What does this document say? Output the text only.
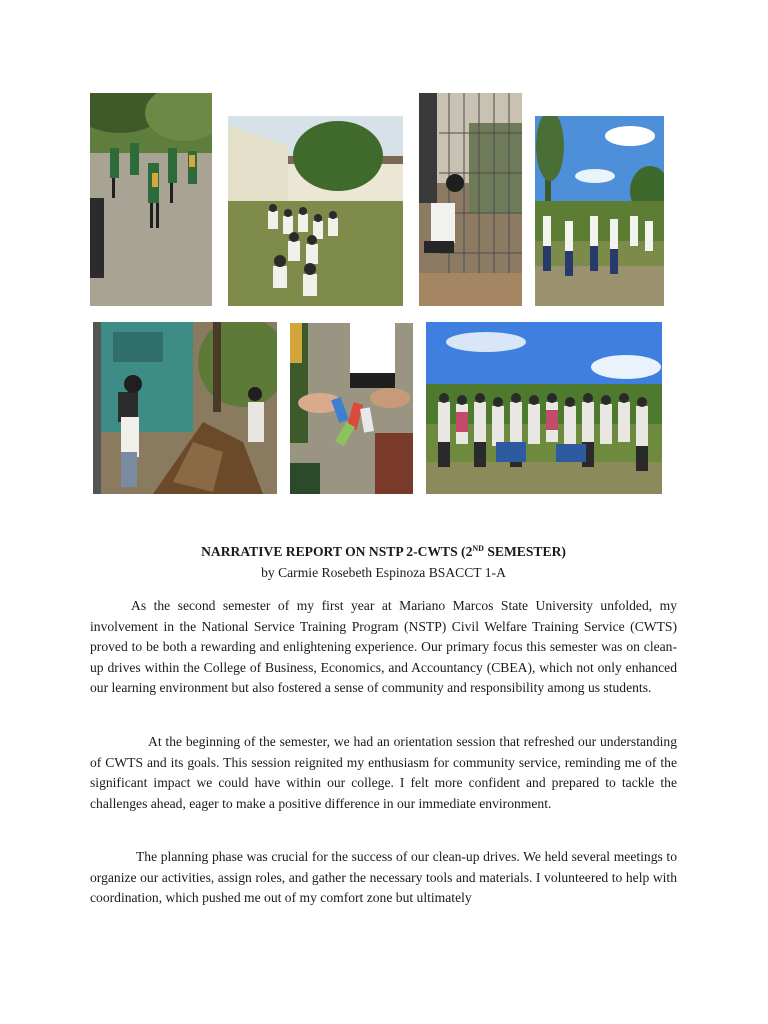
NARRATIVE REPORT ON NSTP 2-CWTS (2ND SEMESTER)
by Carmie Rosebeth Espinoza BSACCT 1-A

As the second semester of my first year at Mariano Marcos State University unfolded, my involvement in the National Service Training Program (NSTP) Civil Welfare Training Service (CWTS) proved to be both a rewarding and enlightening experience. Our primary focus this semester was on clean-up drives within the College of Business, Economics, and Accountancy (CBEA), which not only enhanced our learning environment but also fostered a sense of community and responsibility among us students.

At the beginning of the semester, we had an orientation session that refreshed our understanding of CWTS and its goals. This session reignited my enthusiasm for community service, reminding me of the significant impact we could have within our college. I felt more confident and prepared to tackle the challenges ahead, eager to make a positive difference in our immediate environment.

The planning phase was crucial for the success of our clean-up drives. We held several meetings to organize our activities, assign roles, and gather the necessary tools and materials. I volunteered to help with coordination, which pushed me out of my comfort zone but ultimately
